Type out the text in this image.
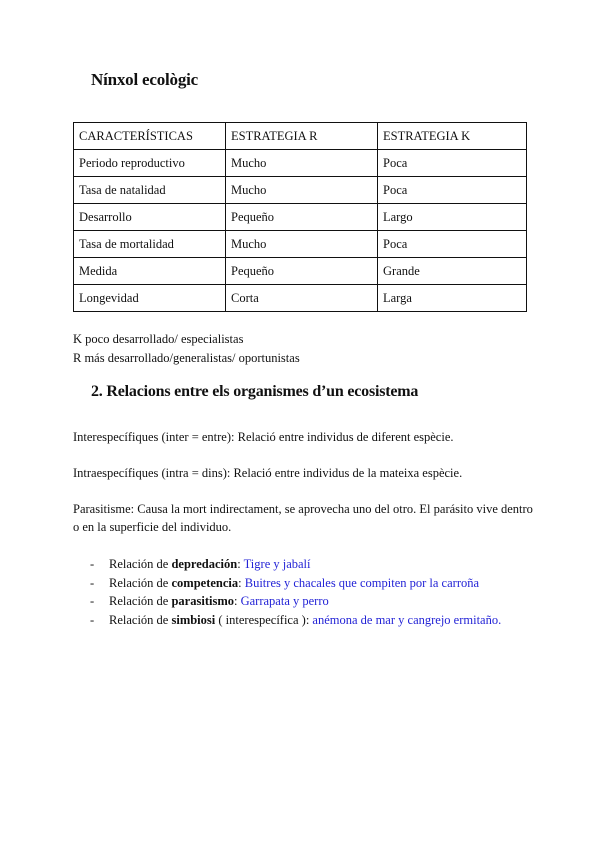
Nínxol ecològic
CARACTERÍSTICAS	ESTRATEGIA R	ESTRATEGIA K
Periodo reproductivo	Mucho	Poca
Tasa de natalidad	Mucho	Poca
Desarrollo	Pequeño	Largo
Tasa de mortalidad	Mucho	Poca
Medida	Pequeño	Grande
Longevidad	Corta	Larga

K poco desarrollado/ especialistas

R más desarrollado/generalistas/ oportunistas

2. Relacions entre els organismes d’un ecosistema

Interespecífiques (inter = entre): Relació entre individus de diferent espècie.

Intraespecífiques (intra = dins): Relació entre individus de la mateixa espècie.

Parasitisme: Causa la mort indirectament, se aprovecha uno del otro. El parásito vive dentro o en la superficie del individuo.

- Relación de depredación: Tigre y jabalí
- Relación de competencia: Buitres y chacales que compiten por la carroña
- Relación de parasitismo: Garrapata y perro
- Relación de simbiosi ( interespecífica ): anémona de mar y cangrejo ermitaño.
